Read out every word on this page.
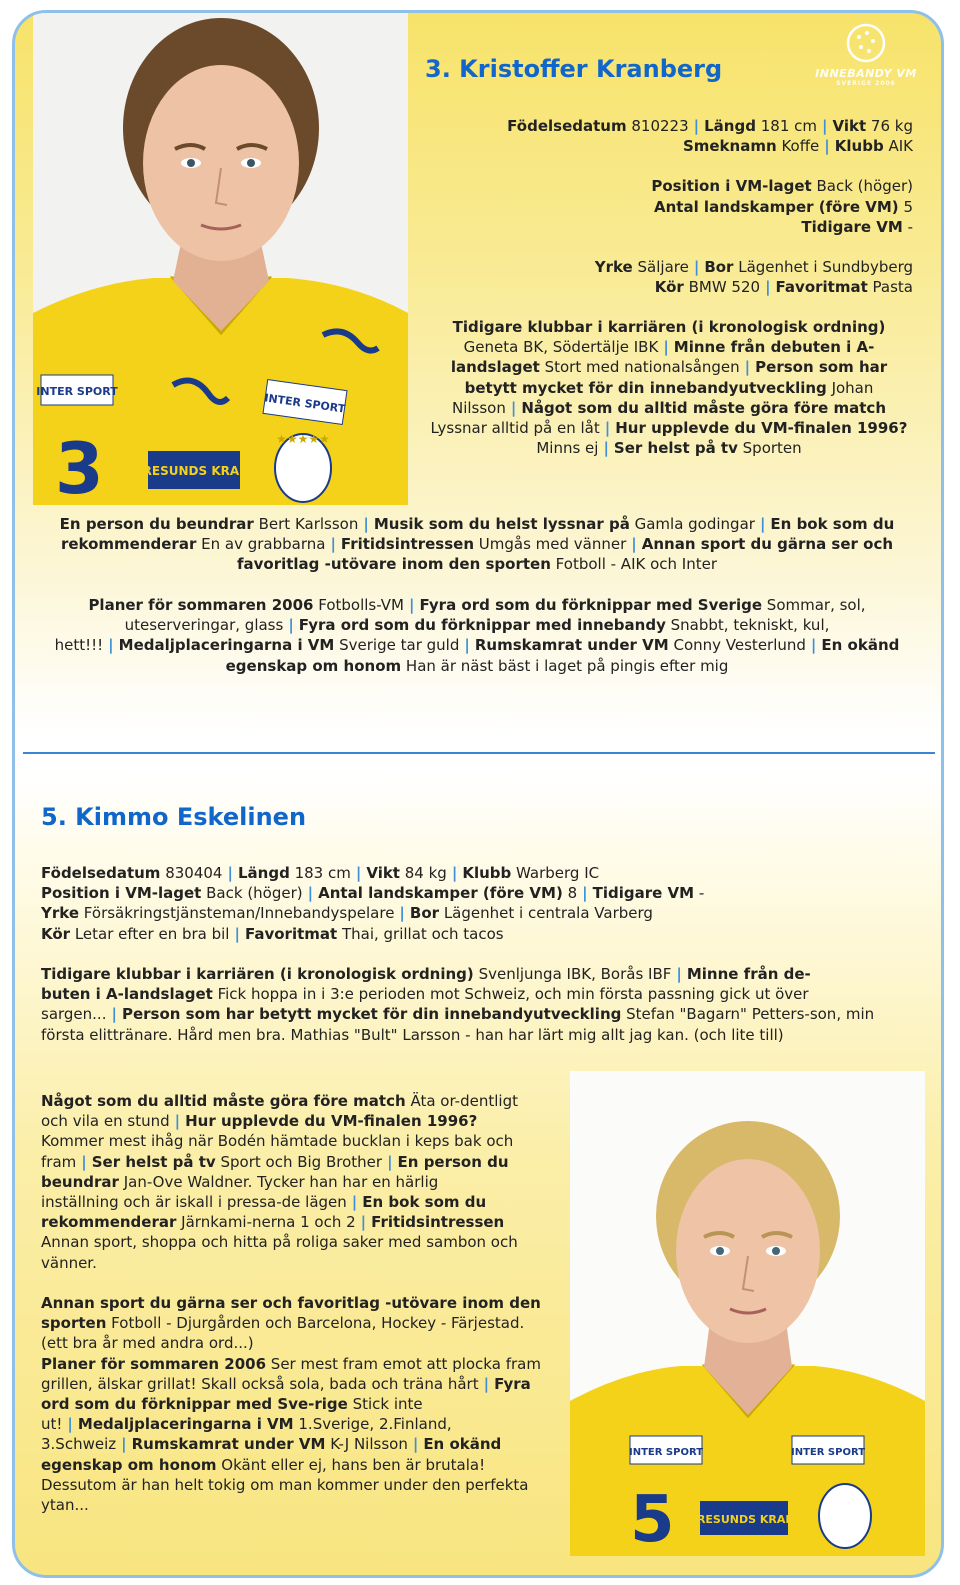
INTER SPORT	INTER SPORT
ÖRESUNDS KRAFT
3	★★★★★
INNEBANDY VM
SVERIGE 2006
3. Kristoffer Kranberg
Födelsedatum 810223 | Längd 181 cm | Vikt 76 kg
Smeknamn Koffe | Klubb AIK
Position i VM-laget Back (höger)
Antal landskamper (före VM) 5
Tidigare VM -
Yrke Säljare | Bor Lägenhet i Sundbyberg
Kör BMW 520 | Favoritmat Pasta
Tidigare klubbar i karriären (i kronologisk ordning) Geneta BK, Södertälje IBK | Minne från debuten i A-landslaget Stort med nationalsången | Person som har betytt mycket för din innebandyutveckling Johan Nilsson | Något som du alltid måste göra före match Lyssnar alltid på en låt | Hur upplevde du VM-finalen 1996? Minns ej | Ser helst på tv Sporten
En person du beundrar Bert Karlsson | Musik som du helst lyssnar på Gamla godingar | En bok som du rekommenderar En av grabbarna | Fritidsintressen Umgås med vänner | Annan sport du gärna ser och favoritlag -utövare inom den sporten Fotboll - AIK och Inter
Planer för sommaren 2006 Fotbolls-VM | Fyra ord som du förknippar med Sverige Sommar, sol, uteserveringar, glass | Fyra ord som du förknippar med innebandy Snabbt, tekniskt, kul, hett!!! | Medaljplaceringarna i VM Sverige tar guld | Rumskamrat under VM Conny Vesterlund | En okänd egenskap om honom Han är näst bäst i laget på pingis efter mig
5. Kimmo Eskelinen
Födelsedatum 830404 | Längd 183 cm | Vikt 84 kg | Klubb Warberg IC
Position i VM-laget Back (höger) | Antal landskamper (före VM) 8 | Tidigare VM -
Yrke Försäkringstjänsteman/Innebandyspelare | Bor Lägenhet i centrala Varberg
Kör Letar efter en bra bil | Favoritmat Thai, grillat och tacos
Tidigare klubbar i karriären (i kronologisk ordning) Svenljunga IBK, Borås IBF | Minne från de-
buten i A-landslaget Fick hoppa in i 3:e perioden mot Schweiz, och min första passning gick ut över sargen... | Person som har betytt mycket för din innebandyutveckling Stefan "Bagarn" Petters-son, min första elittränare. Hård men bra. Mathias "Bult" Larsson - han har lärt mig allt jag kan. (och lite till)
Något som du alltid måste göra före match Äta or-dentligt och vila en stund | Hur upplevde du VM-finalen 1996? Kommer mest ihåg när Bodén hämtade bucklan i keps bak och fram | Ser helst på tv Sport och Big Brother | En person du beundrar Jan-Ove Waldner. Tycker han har en härlig inställning och är iskall i pressa-de lägen | En bok som du rekommenderar Järnkami-nerna 1 och 2 | Fritidsintressen Annan sport, shoppa och hitta på roliga saker med sambon och vänner.
Annan sport du gärna ser och favoritlag -utövare inom den sporten Fotboll - Djurgården och Barcelona, Hockey - Färjestad. (ett bra år med andra ord...)
Planer för sommaren 2006 Ser mest fram emot att plocka fram grillen, älskar grillat! Skall också sola, bada och träna hårt | Fyra ord som du förknippar med Sve-rige Stick inte ut! | Medaljplaceringarna i VM 1.Sverige, 2.Finland, 3.Schweiz | Rumskamrat under VM K-J Nilsson | En okänd egenskap om honom Okänt eller ej, hans ben är brutala! Dessutom är han helt tokig om man kommer under den perfekta ytan...
INTER SPORT	INTER SPORT
ÖRESUNDS KRAFT
5
